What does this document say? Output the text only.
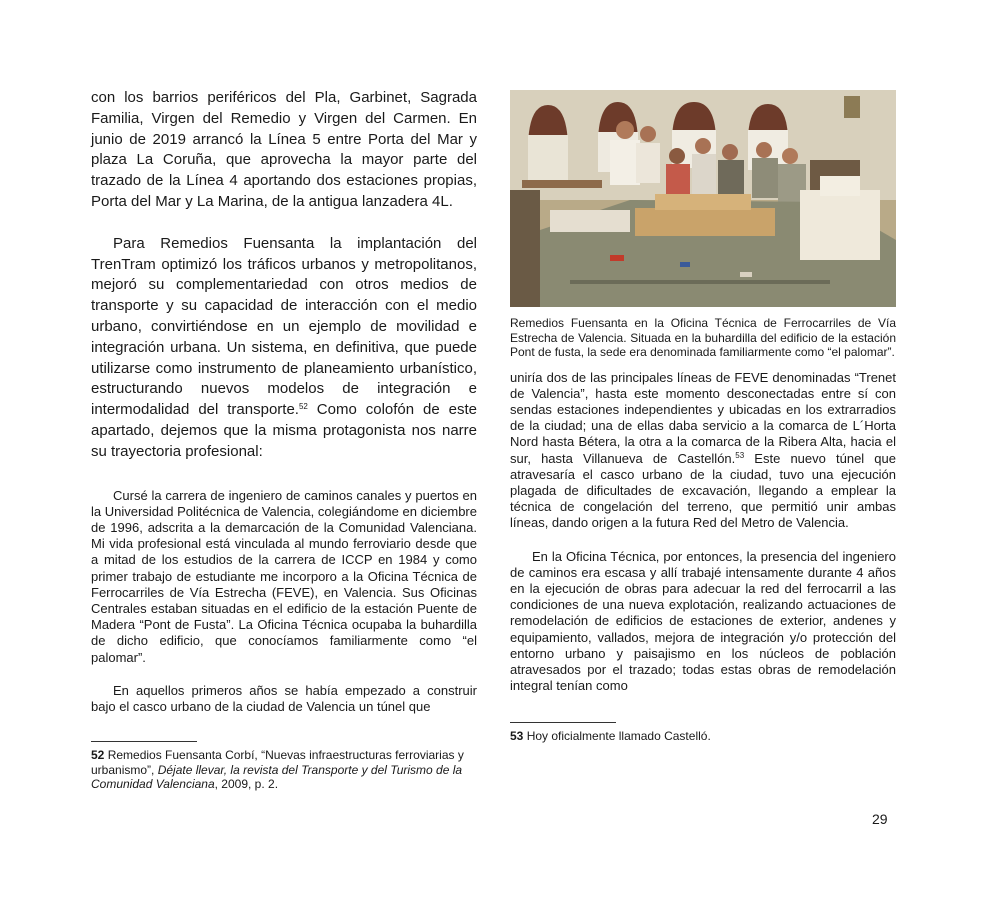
con los barrios periféricos del Pla, Garbinet, Sagrada Familia, Virgen del Remedio y Virgen del Carmen. En junio de 2019 arrancó la Línea 5 entre Porta del Mar y plaza La Coruña, que aprovecha la mayor parte del trazado de la Línea 4 aportando dos estaciones propias, Porta del Mar y La Marina, de la antigua lanzadera 4L.

Para Remedios Fuensanta la implantación del TrenTram optimizó los tráficos urbanos y metropolitanos, mejoró su complementariedad con otros medios de transporte y su capacidad de interacción con el medio urbano, convirtiéndose en un ejemplo de movilidad e integración urbana. Un sistema, en definitiva, que puede utilizarse como instrumento de planeamiento urbanístico, estructurando nuevos modelos de integración e intermodalidad del transporte.$^{52}$ Como colofón de este apartado, dejemos que la misma protagonista nos narre su trayectoria profesional:

Cursé la carrera de ingeniero de caminos canales y puertos en la Universidad Politécnica de Valencia, colegiándome en diciembre de 1996, adscrita a la demarcación de la Comunidad Valenciana. Mi vida profesional está vinculada al mundo ferroviario desde que a mitad de los estudios de la carrera de ICCP en 1984 y como primer trabajo de estudiante me incorporo a la Oficina Técnica de Ferrocarriles de Vía Estrecha (FEVE), en Valencia. Sus Oficinas Centrales estaban situadas en el edificio de la estación Puente de Madera “Pont de Fusta”. La Oficina Técnica ocupaba la buhardilla de dicho edificio, que conocíamos familiarmente como “el palomar”.

En aquellos primeros años se había empezado a construir bajo el casco urbano de la ciudad de Valencia un túnel que

52 Remedios Fuensanta Corbí, “Nuevas infraestructuras ferroviarias y urbanismo”, Déjate llevar, la revista del Transporte y del Turismo de la Comunidad Valenciana, 2009, p. 2.

Remedios Fuensanta en la Oficina Técnica de Ferrocarriles de Vía Estrecha de Valencia. Situada en la buhardilla del edificio de la estación Pont de fusta, la sede era denominada familiarmente como “el palomar”.

uniría dos de las principales líneas de FEVE denominadas “Trenet de Valencia”, hasta este momento desconectadas entre sí con sendas estaciones independientes y ubicadas en los extrarradios de la ciudad; una de ellas daba servicio a la comarca de L´Horta Nord hasta Bétera, la otra a la comarca de la Ribera Alta, hacia el sur, hasta Villanueva de Castellón.$^{53}$ Este nuevo túnel que atravesaría el casco urbano de la ciudad, tuvo una ejecución plagada de dificultades de excavación, llegando a emplear la técnica de congelación del terreno, que permitió unir ambas líneas, dando origen a la futura Red del Metro de Valencia.

En la Oficina Técnica, por entonces, la presencia del ingeniero de caminos era escasa y allí trabajé intensamente durante 4 años en la ejecución de obras para adecuar la red del ferrocarril a las condiciones de una nueva explotación, realizando actuaciones de remodelación de edificios de estaciones de exterior, andenes y equipamiento, vallados, mejora de integración y/o protección del entorno urbano y paisajismo en los núcleos de población atravesados por el trazado; todas estas obras de remodelación integral tenían como

53 Hoy oficialmente llamado Castelló.

29
